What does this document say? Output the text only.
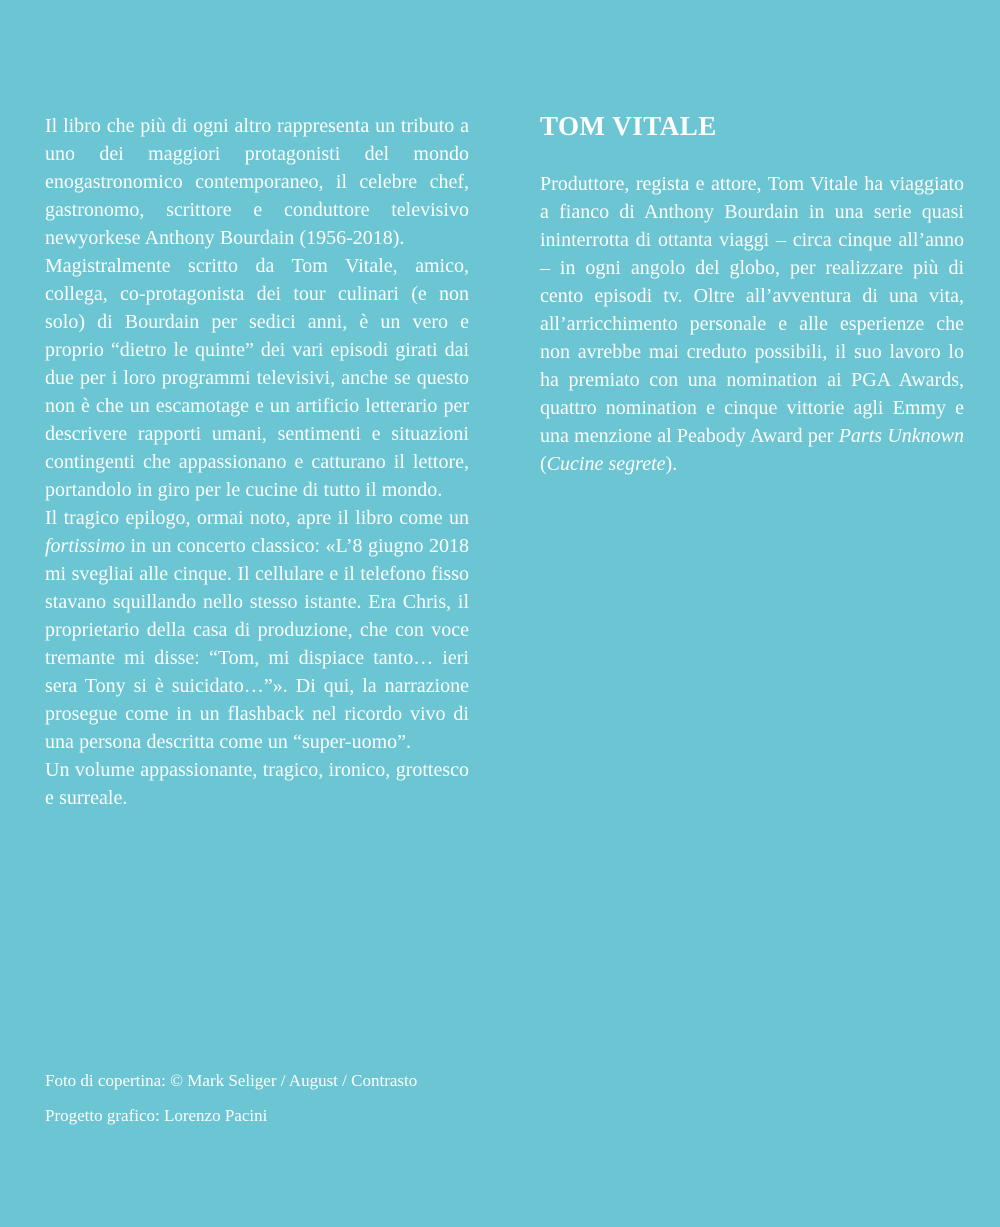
Il libro che più di ogni altro rappresenta un tributo a uno dei maggiori protagonisti del mondo enogastronomico contemporaneo, il celebre chef, gastronomo, scrittore e conduttore televisivo newyorkese Anthony Bourdain (1956-2018).

Magistralmente scritto da Tom Vitale, amico, collega, co-protagonista dei tour culinari (e non solo) di Bourdain per sedici anni, è un vero e proprio “dietro le quinte” dei vari episodi girati dai due per i loro programmi televisivi, anche se questo non è che un escamotage e un artificio letterario per descrivere rapporti umani, sentimenti e situazioni contingenti che appassionano e catturano il lettore, portandolo in giro per le cucine di tutto il mondo.

Il tragico epilogo, ormai noto, apre il libro come un fortissimo in un concerto classico: «L’8 giugno 2018 mi svegliai alle cinque. Il cellulare e il telefono fisso stavano squillando nello stesso istante. Era Chris, il proprietario della casa di produzione, che con voce tremante mi disse: “Tom, mi dispiace tanto… ieri sera Tony si è suicidato…”». Di qui, la narrazione prosegue come in un flashback nel ricordo vivo di una persona descritta come un “super-uomo”.

Un volume appassionante, tragico, ironico, grottesco e surreale.

TOM VITALE

Produttore, regista e attore, Tom Vitale ha viaggiato a fianco di Anthony Bourdain in una serie quasi ininterrotta di ottanta viaggi – circa cinque all’anno – in ogni angolo del globo, per realizzare più di cento episodi tv. Oltre all’avventura di una vita, all’arricchimento personale e alle esperienze che non avrebbe mai creduto possibili, il suo lavoro lo ha premiato con una nomination ai PGA Awards, quattro nomination e cinque vittorie agli Emmy e una menzione al Peabody Award per Parts Unknown (Cucine segrete).

Foto di copertina: © Mark Seliger / August / Contrasto

Progetto grafico: Lorenzo Pacini
